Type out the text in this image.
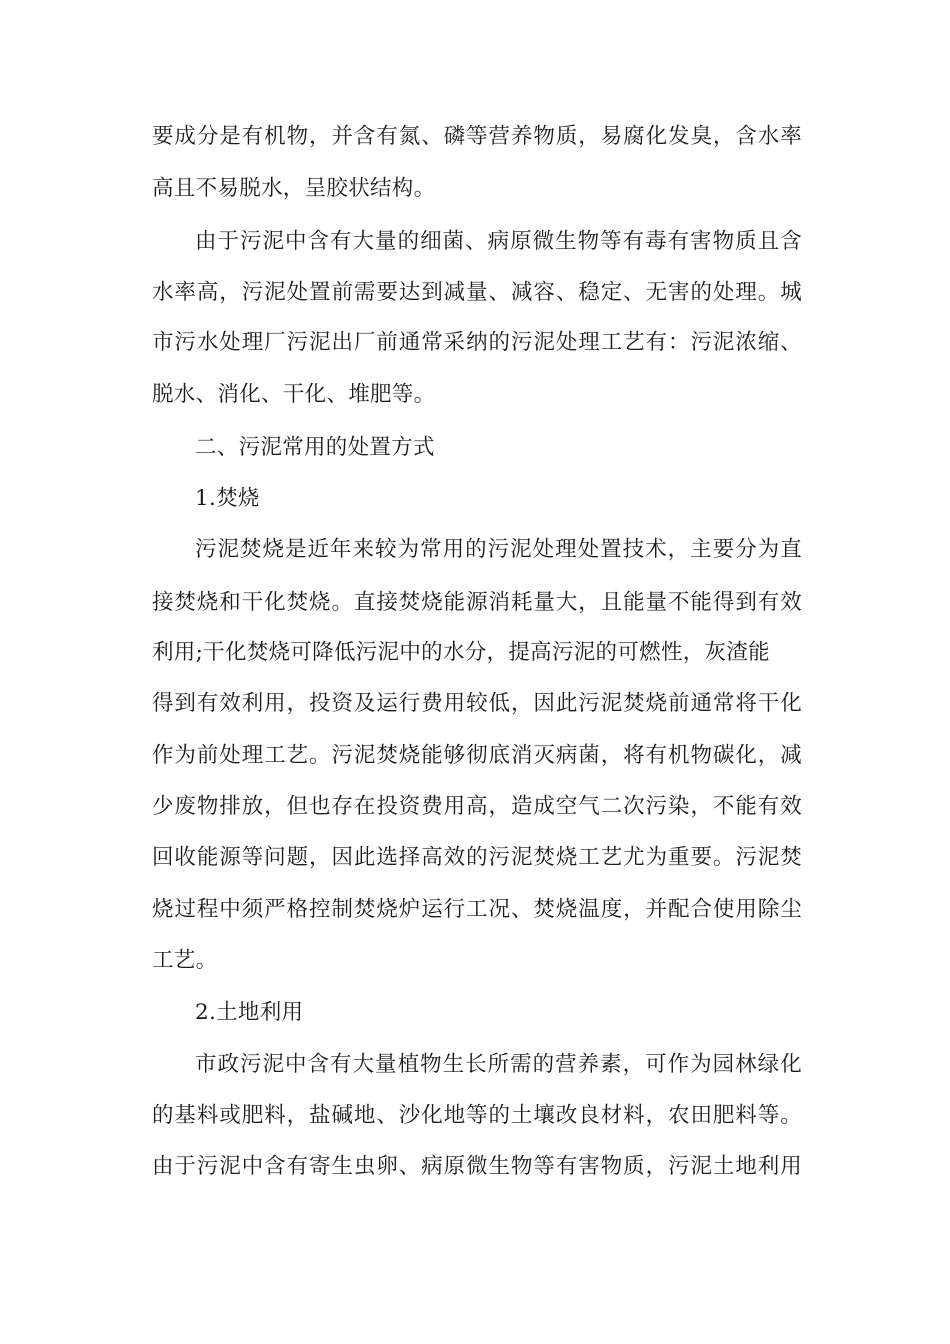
要成分是有机物，并含有氮、磷等营养物质，易腐化发臭，含水率
高且不易脱水，呈胶状结构。
由于污泥中含有大量的细菌、病原微生物等有毒有害物质且含
水率高，污泥处置前需要达到减量、减容、稳定、无害的处理。城
市污水处理厂污泥出厂前通常采纳的污泥处理工艺有：污泥浓缩、
脱水、消化、干化、堆肥等。
二、污泥常用的处置方式
1.焚烧
污泥焚烧是近年来较为常用的污泥处理处置技术，主要分为直
接焚烧和干化焚烧。直接焚烧能源消耗量大，且能量不能得到有效
利用;干化焚烧可降低污泥中的水分，提高污泥的可燃性，灰渣能
得到有效利用，投资及运行费用较低，因此污泥焚烧前通常将干化
作为前处理工艺。污泥焚烧能够彻底消灭病菌，将有机物碳化，减
少废物排放，但也存在投资费用高，造成空气二次污染，不能有效
回收能源等问题，因此选择高效的污泥焚烧工艺尤为重要。污泥焚
烧过程中须严格控制焚烧炉运行工况、焚烧温度，并配合使用除尘
工艺。
2.土地利用
市政污泥中含有大量植物生长所需的营养素，可作为园林绿化
的基料或肥料，盐碱地、沙化地等的土壤改良材料，农田肥料等。
由于污泥中含有寄生虫卵、病原微生物等有害物质，污泥土地利用
